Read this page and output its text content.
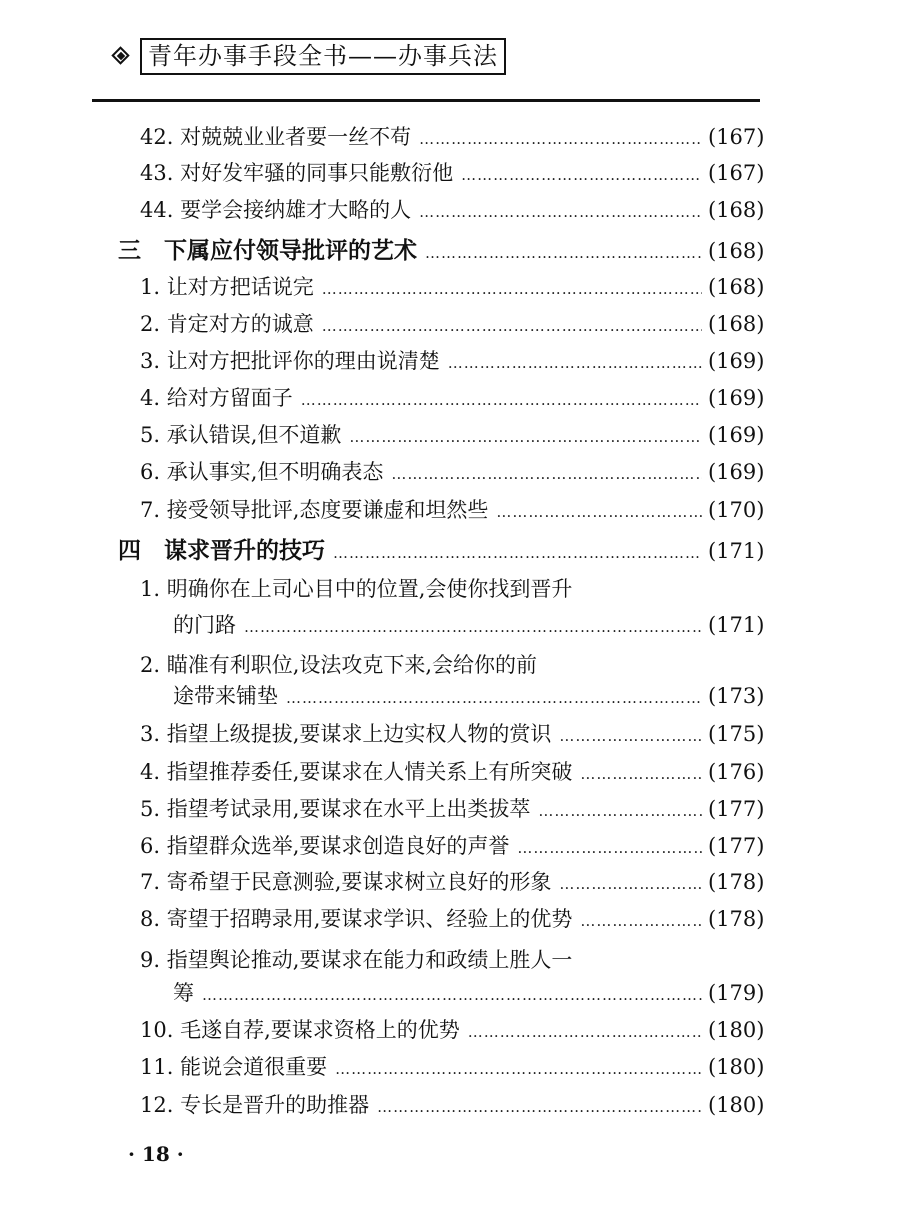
青年办事手段全书——办事兵法
42. 对兢兢业业者要一丝不苟 …………………………………………………………………………………………………………	(167)
43. 对好发牢骚的同事只能敷衍他 …………………………………………………………………………………………………………	(167)
44. 要学会接纳雄才大略的人 …………………………………………………………………………………………………………	(168)
三　下属应付领导批评的艺术 …………………………………………………………………………………………………………	(168)
1. 让对方把话说完 …………………………………………………………………………………………………………	(168)
2. 肯定对方的诚意 …………………………………………………………………………………………………………	(168)
3. 让对方把批评你的理由说清楚 …………………………………………………………………………………………………………	(169)
4. 给对方留面子 …………………………………………………………………………………………………………	(169)
5. 承认错误,但不道歉 …………………………………………………………………………………………………………	(169)
6. 承认事实,但不明确表态 …………………………………………………………………………………………………………	(169)
7. 接受领导批评,态度要谦虚和坦然些 …………………………………………………………………………………………………………	(170)
四　谋求晋升的技巧 …………………………………………………………………………………………………………	(171)
1. 明确你在上司心目中的位置,会使你找到晋升
的门路 …………………………………………………………………………………………………………	(171)
2. 瞄准有利职位,设法攻克下来,会给你的前
途带来铺垫 …………………………………………………………………………………………………………	(173)
3. 指望上级提拔,要谋求上边实权人物的赏识 …………………………………………………………………………………………………………	(175)
4. 指望推荐委任,要谋求在人情关系上有所突破 …………………………………………………………………………………………………………	(176)
5. 指望考试录用,要谋求在水平上出类拔萃 …………………………………………………………………………………………………………	(177)
6. 指望群众选举,要谋求创造良好的声誉 …………………………………………………………………………………………………………	(177)
7. 寄希望于民意测验,要谋求树立良好的形象 …………………………………………………………………………………………………………	(178)
8. 寄望于招聘录用,要谋求学识、经验上的优势 …………………………………………………………………………………………………………	(178)
9. 指望舆论推动,要谋求在能力和政绩上胜人一
筹 …………………………………………………………………………………………………………	(179)
10. 毛遂自荐,要谋求资格上的优势 …………………………………………………………………………………………………………	(180)
11. 能说会道很重要 …………………………………………………………………………………………………………	(180)
12. 专长是晋升的助推器 …………………………………………………………………………………………………………	(180)
· 18 ·
